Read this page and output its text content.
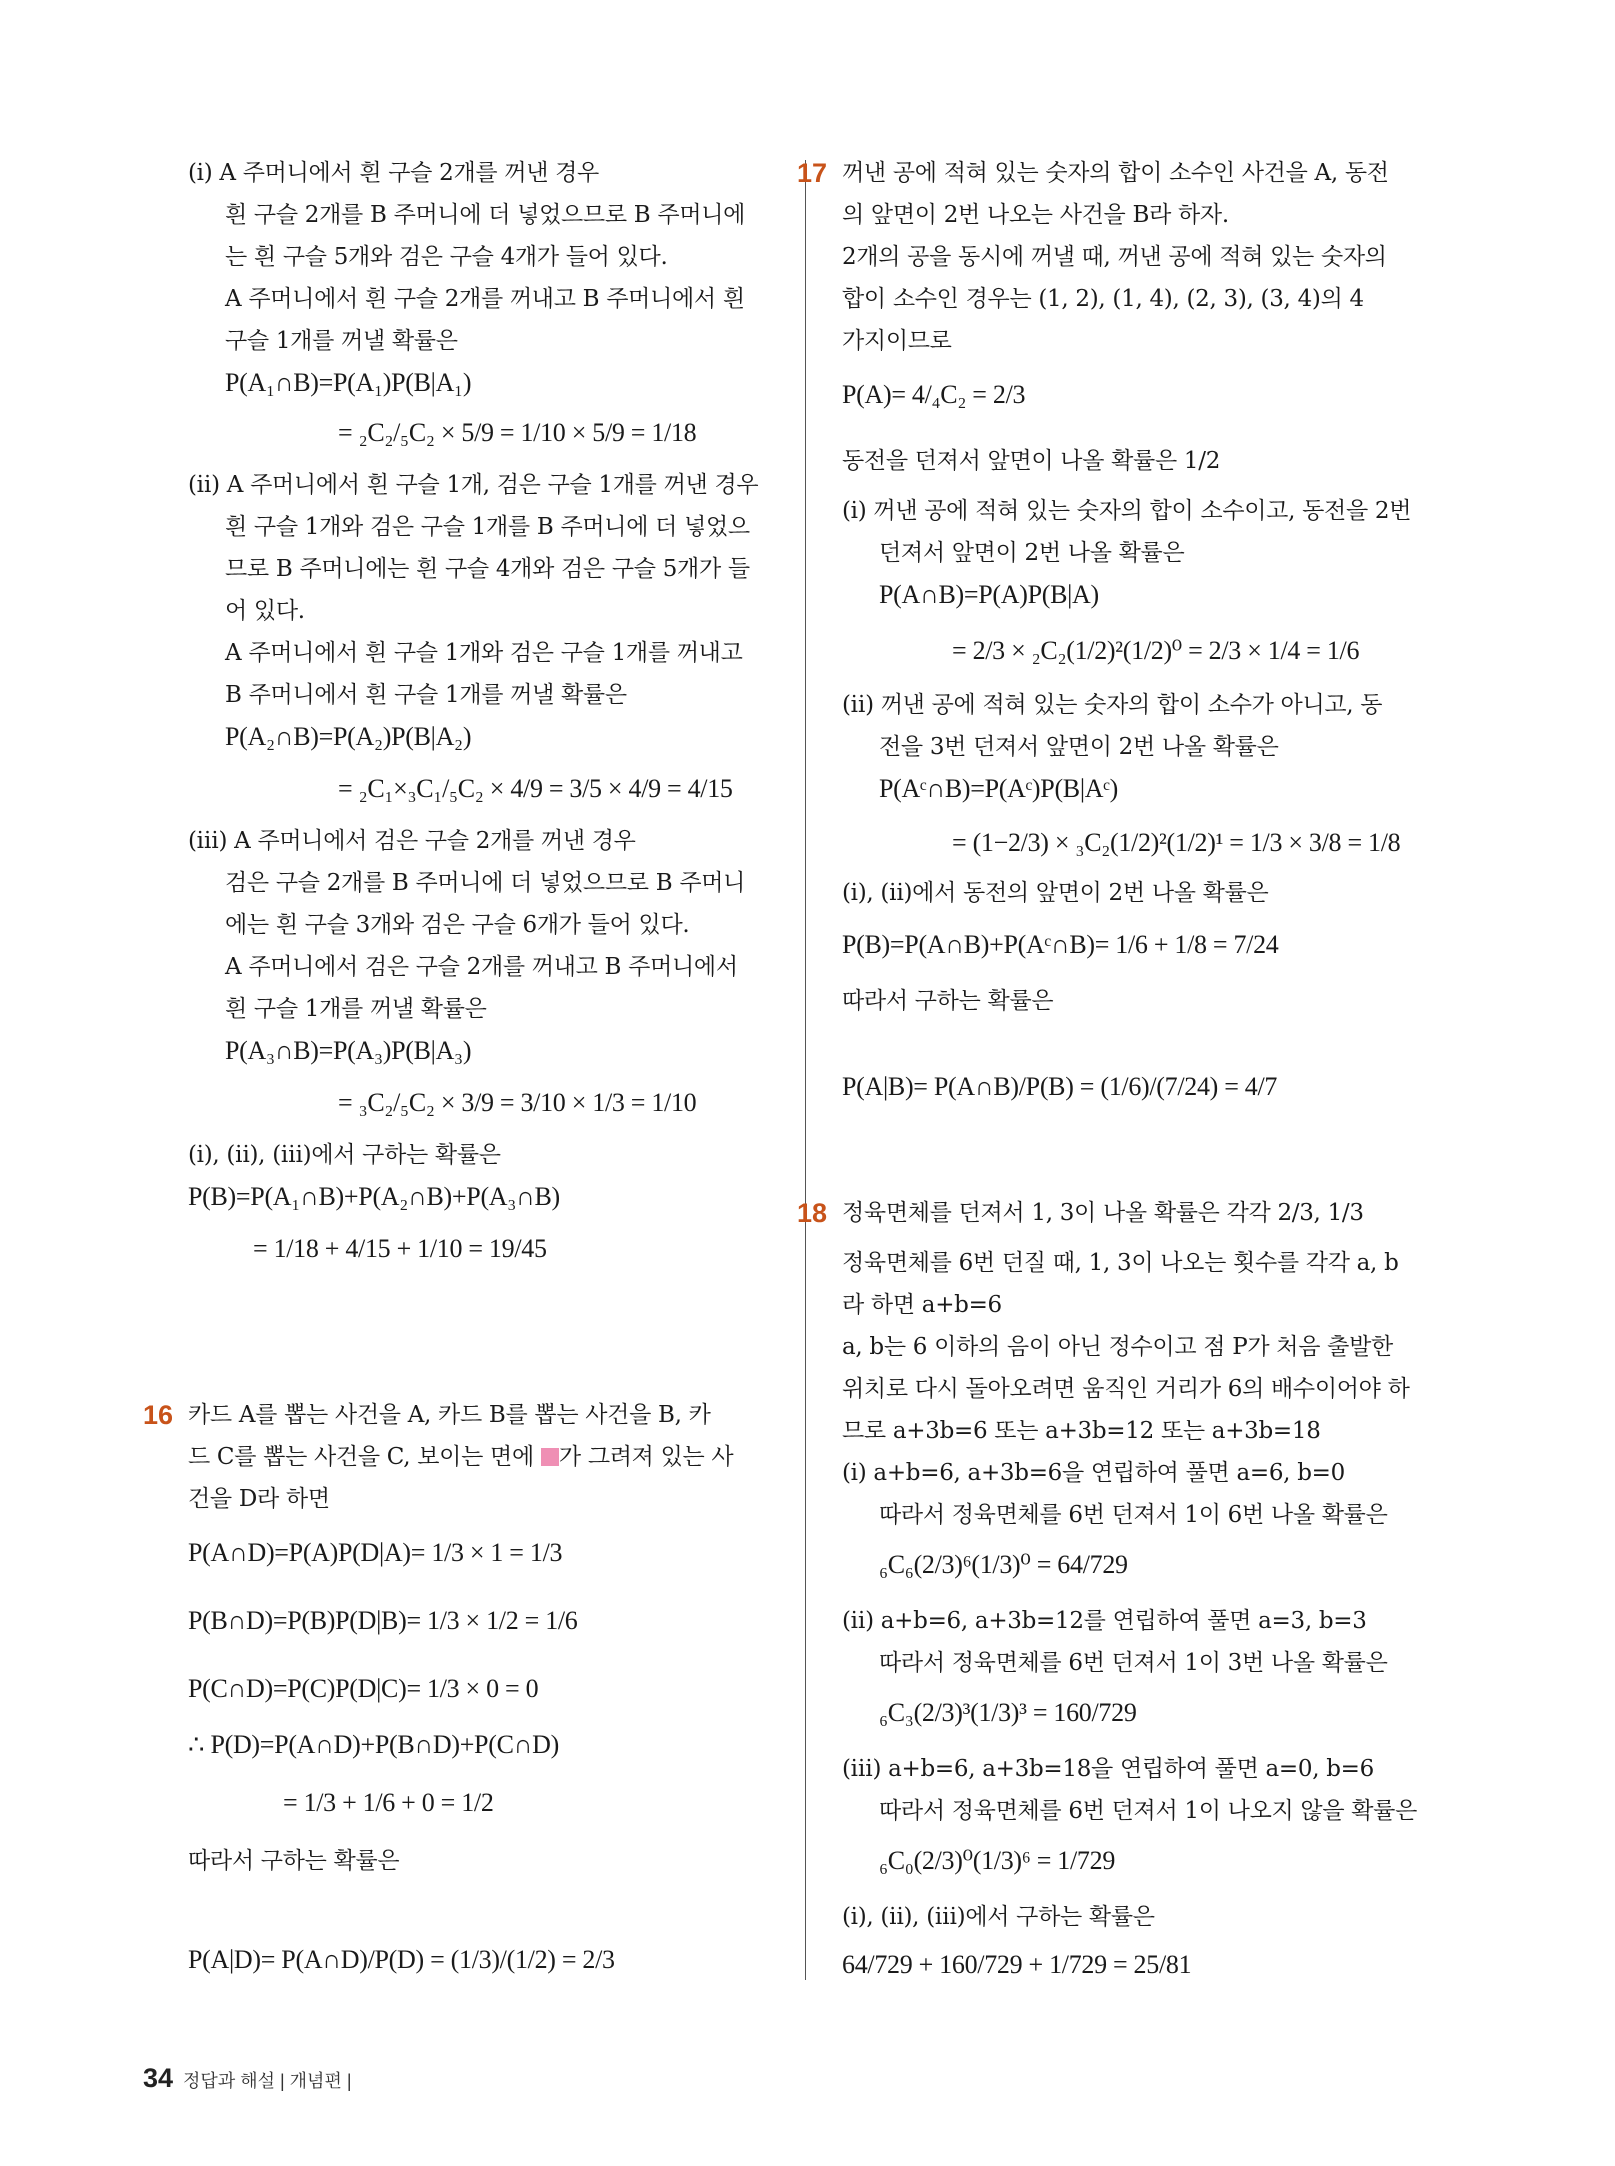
(ⅰ) A 주머니에서 흰 구슬 2개를 꺼낸 경우
흰 구슬 2개를 B 주머니에 더 넣었으므로 B 주머니에
는 흰 구슬 5개와 검은 구슬 4개가 들어 있다.
A 주머니에서 흰 구슬 2개를 꺼내고 B 주머니에서 흰
구슬 1개를 꺼낼 확률은
P(A₁∩B)=P(A₁)P(B|A₁)
= ₂C₂/₅C₂ × 5/9 = 1/10 × 5/9 = 1/18
(ⅱ) A 주머니에서 흰 구슬 1개, 검은 구슬 1개를 꺼낸 경우
흰 구슬 1개와 검은 구슬 1개를 B 주머니에 더 넣었으
므로 B 주머니에는 흰 구슬 4개와 검은 구슬 5개가 들
어 있다.
A 주머니에서 흰 구슬 1개와 검은 구슬 1개를 꺼내고
B 주머니에서 흰 구슬 1개를 꺼낼 확률은
P(A₂∩B)=P(A₂)P(B|A₂)
= ₂C₁×₃C₁/₅C₂ × 4/9 = 3/5 × 4/9 = 4/15
(ⅲ) A 주머니에서 검은 구슬 2개를 꺼낸 경우
검은 구슬 2개를 B 주머니에 더 넣었으므로 B 주머니
에는 흰 구슬 3개와 검은 구슬 6개가 들어 있다.
A 주머니에서 검은 구슬 2개를 꺼내고 B 주머니에서
흰 구슬 1개를 꺼낼 확률은
P(A₃∩B)=P(A₃)P(B|A₃)
= ₃C₂/₅C₂ × 3/9 = 3/10 × 1/3 = 1/10
(ⅰ), (ⅱ), (ⅲ)에서 구하는 확률은
P(B)=P(A₁∩B)+P(A₂∩B)+P(A₃∩B)
= 1/18 + 4/15 + 1/10 = 19/45
16 카드 A를 뽑는 사건을 A, 카드 B를 뽑는 사건을 B, 카
드 C를 뽑는 사건을 C, 보이는 면에 가 그려져 있는 사
건을 D라 하면
P(A∩D)=P(A)P(D|A)= 1/3 × 1 = 1/3
P(B∩D)=P(B)P(D|B)= 1/3 × 1/2 = 1/6
P(C∩D)=P(C)P(D|C)= 1/3 × 0 = 0
∴ P(D)=P(A∩D)+P(B∩D)+P(C∩D)
= 1/3 + 1/6 + 0 = 1/2
따라서 구하는 확률은
P(A|D)= P(A∩D)/P(D) = (1/3)/(1/2) = 2/3
17 꺼낸 공에 적혀 있는 숫자의 합이 소수인 사건을 A, 동전
의 앞면이 2번 나오는 사건을 B라 하자.
2개의 공을 동시에 꺼낼 때, 꺼낸 공에 적혀 있는 숫자의
합이 소수인 경우는 (1, 2), (1, 4), (2, 3), (3, 4)의 4
가지이므로
P(A)= 4/₄C₂ = 2/3
동전을 던져서 앞면이 나올 확률은 1/2
(ⅰ) 꺼낸 공에 적혀 있는 숫자의 합이 소수이고, 동전을 2번
던져서 앞면이 2번 나올 확률은
P(A∩B)=P(A)P(B|A)
= 2/3 × ₂C₂(1/2)²(1/2)⁰ = 2/3 × 1/4 = 1/6
(ⅱ) 꺼낸 공에 적혀 있는 숫자의 합이 소수가 아니고, 동
전을 3번 던져서 앞면이 2번 나올 확률은
P(Aᶜ∩B)=P(Aᶜ)P(B|Aᶜ)
= (1−2/3) × ₃C₂(1/2)²(1/2)¹ = 1/3 × 3/8 = 1/8
(ⅰ), (ⅱ)에서 동전의 앞면이 2번 나올 확률은
P(B)=P(A∩B)+P(Aᶜ∩B)= 1/6 + 1/8 = 7/24
따라서 구하는 확률은
P(A|B)= P(A∩B)/P(B) = (1/6)/(7/24) = 4/7
18 정육면체를 던져서 1, 3이 나올 확률은 각각 2/3, 1/3
정육면체를 6번 던질 때, 1, 3이 나오는 횟수를 각각 a, b
라 하면 a+b=6
a, b는 6 이하의 음이 아닌 정수이고 점 P가 처음 출발한
위치로 다시 돌아오려면 움직인 거리가 6의 배수이어야 하
므로 a+3b=6 또는 a+3b=12 또는 a+3b=18
(ⅰ) a+b=6, a+3b=6을 연립하여 풀면 a=6, b=0
따라서 정육면체를 6번 던져서 1이 6번 나올 확률은
₆C₆(2/3)⁶(1/3)⁰ = 64/729
(ⅱ) a+b=6, a+3b=12를 연립하여 풀면 a=3, b=3
따라서 정육면체를 6번 던져서 1이 3번 나올 확률은
₆C₃(2/3)³(1/3)³ = 160/729
(ⅲ) a+b=6, a+3b=18을 연립하여 풀면 a=0, b=6
따라서 정육면체를 6번 던져서 1이 나오지 않을 확률은
₆C₀(2/3)⁰(1/3)⁶ = 1/729
(ⅰ), (ⅱ), (ⅲ)에서 구하는 확률은
64/729 + 160/729 + 1/729 = 25/81
34 정답과 해설 | 개념편 |
